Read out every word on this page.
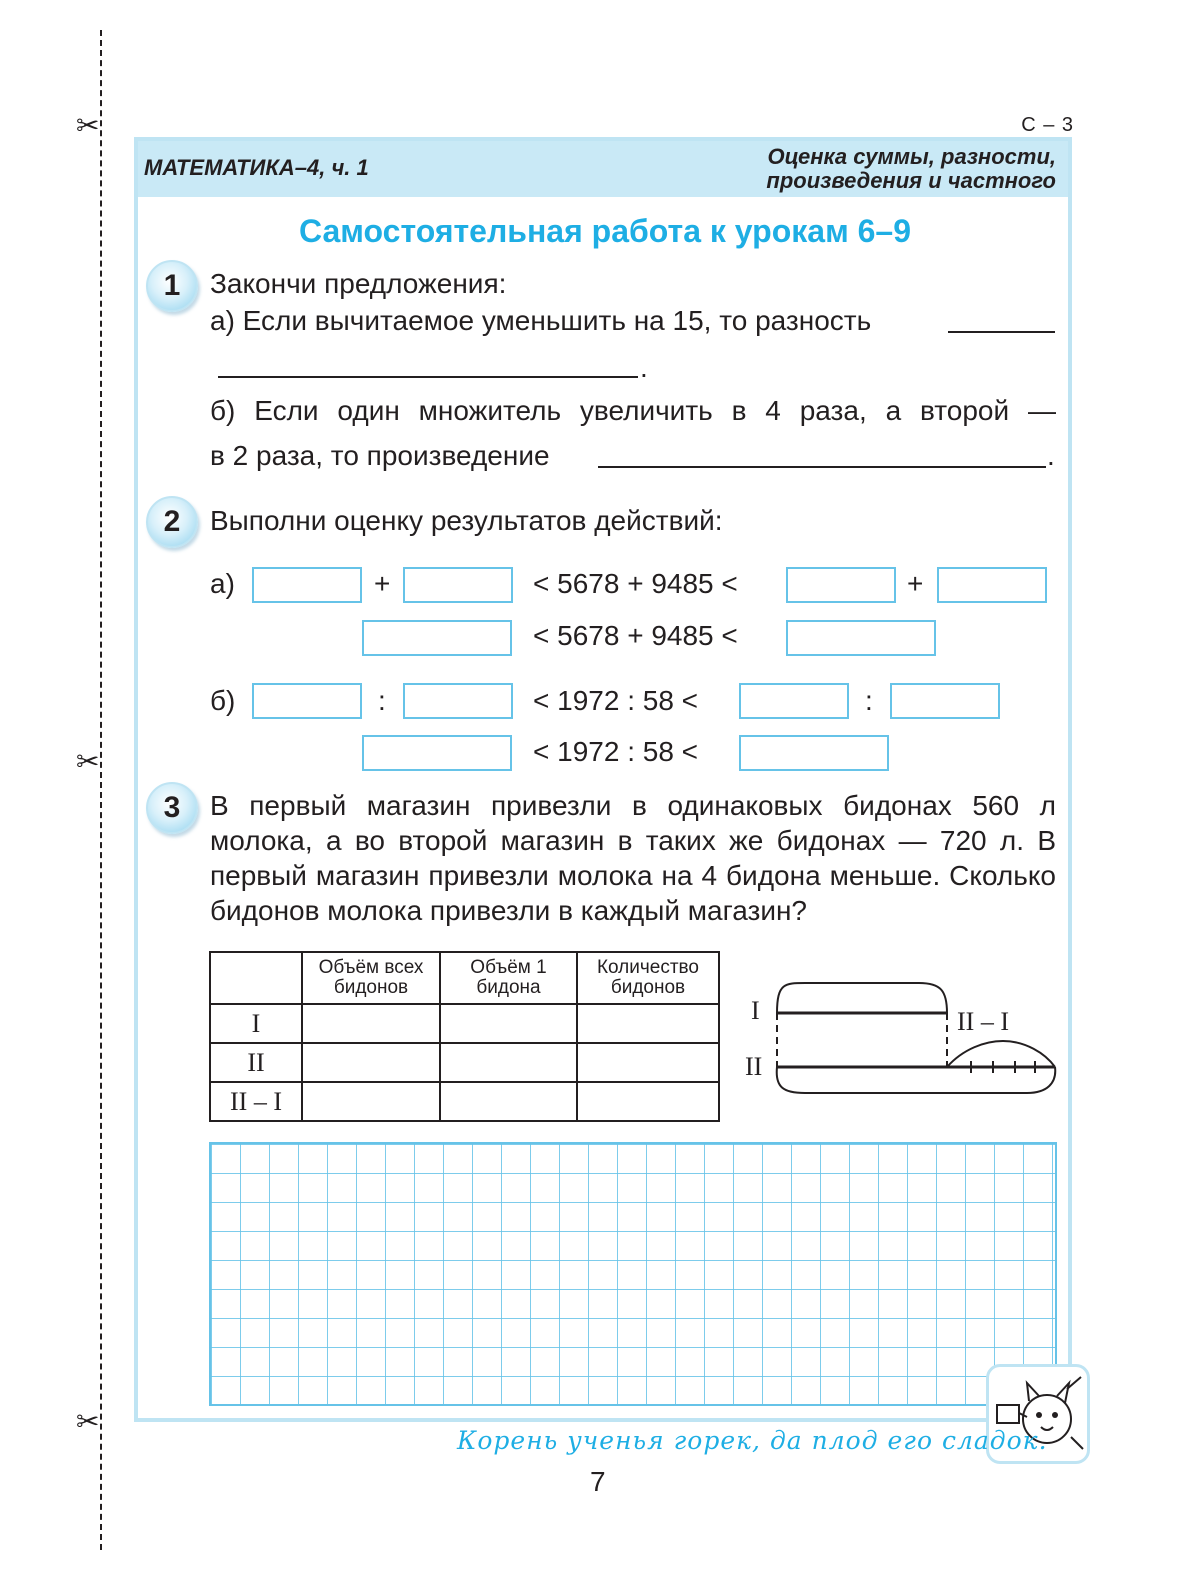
✂
✂
✂
С – 3
МАТЕМАТИКА–4, ч. 1	Оценка суммы, разности,
произведения и частного
Самостоятельная работа к урокам 6–9
1	Закончи предложения:
а) Если вычитаемое уменьшить на 15, то разность
.
б) Если один множитель увеличить в 4 раза, а второй —
в 2 раза, то произведение	.
2	Выполни оценку результатов действий:
а)	+	< 5678 + 9485 <	+
< 5678 + 9485 <
б)	:	< 1972 : 58 <	:
< 1972 : 58 <
3	В первый магазин привезли в одинаковых бидонах 560 л молока, а во второй магазин в таких же бидонах — 720 л. В первый магазин привезли молока на 4 бидона меньше. Сколько бидонов молока привезли в каждый магазин?
	Объём всех бидонов	Объём 1 бидона	Количество бидонов
I			
II			
II – I			
I
II
II – I
Корень ученья горек, да плод его сладок.
7
